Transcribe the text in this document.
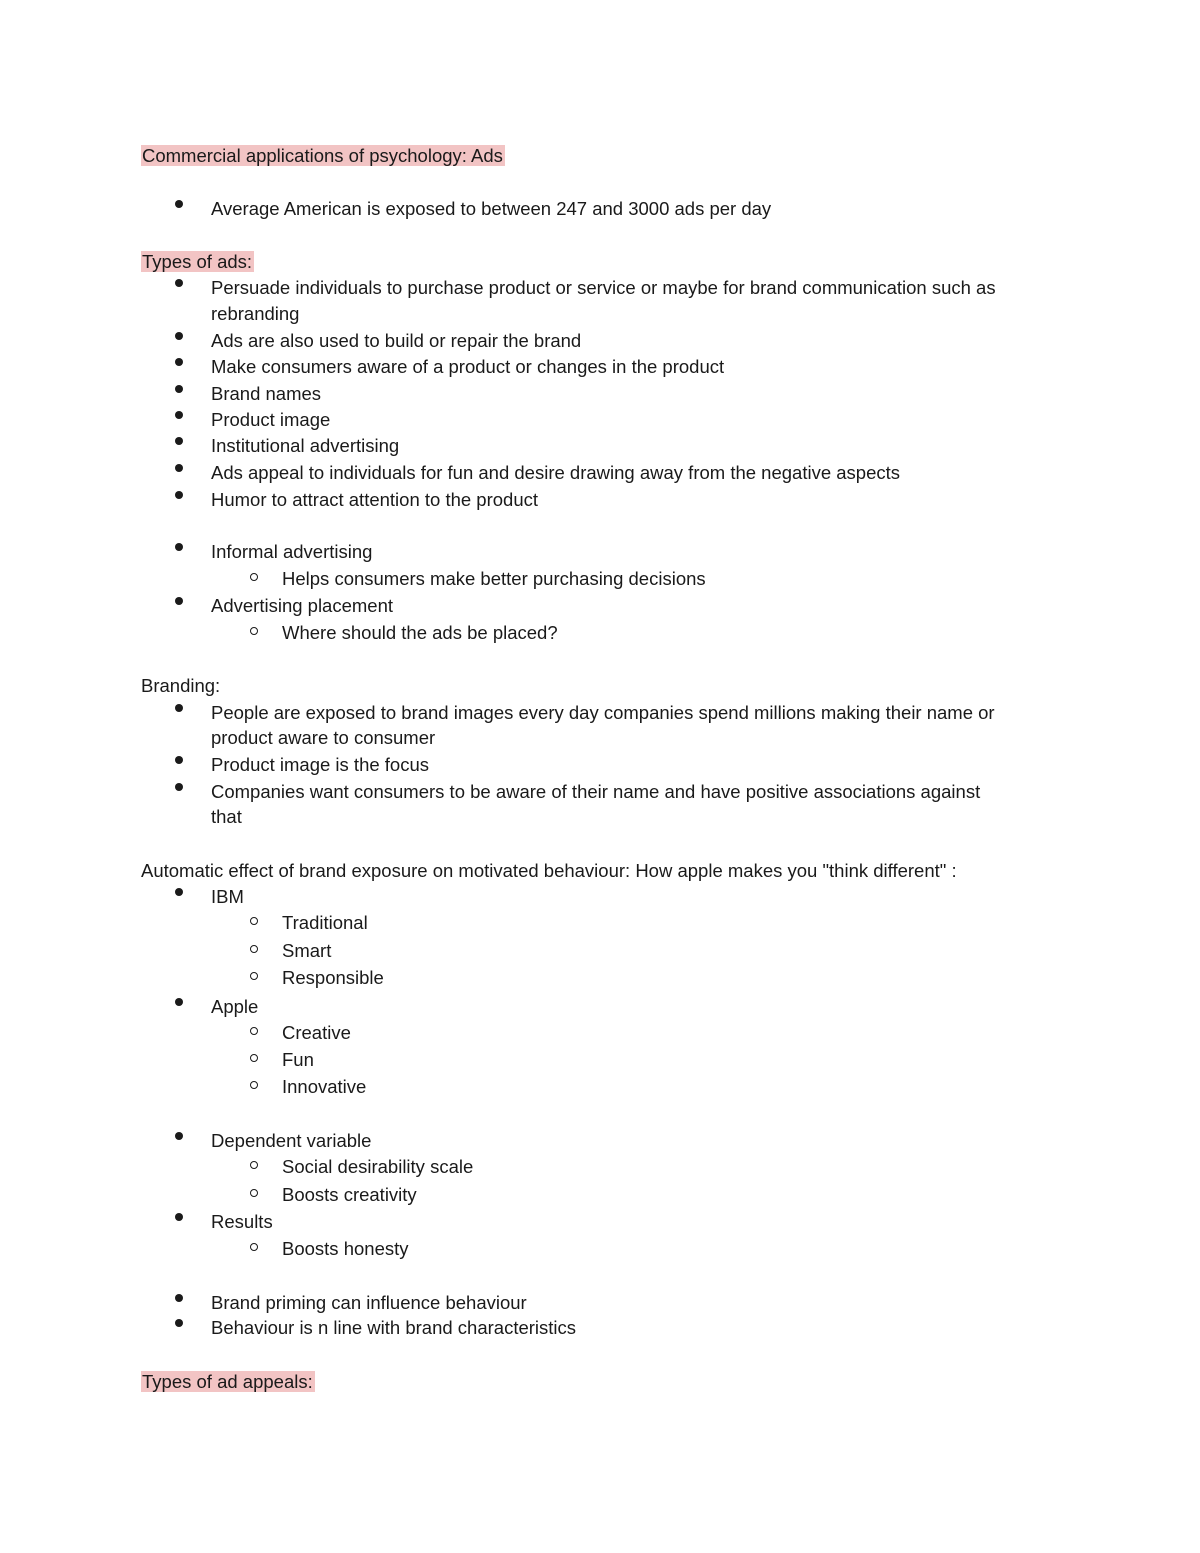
Commercial applications of psychology: Ads
Average American is exposed to between 247 and 3000 ads per day
Types of ads:
Persuade individuals to purchase product or service or maybe for brand communication such as
rebranding
Ads are also used to build or repair the brand
Make consumers aware of a product or changes in the product
Brand names
Product image
Institutional advertising
Ads appeal to individuals for fun and desire drawing away from the negative aspects
Humor to attract attention to the product
Informal advertising
Helps consumers make better purchasing decisions
Advertising placement
Where should the ads be placed?
Branding:
People are exposed to brand images every day companies spend millions making their name or
product aware to consumer
Product image is the focus
Companies want consumers to be aware of their name and have positive associations against
that
Automatic effect of brand exposure on motivated behaviour: How apple makes you "think different" :
IBM
Traditional
Smart
Responsible
Apple
Creative
Fun
Innovative
Dependent variable
Social desirability scale
Boosts creativity
Results
Boosts honesty
Brand priming can influence behaviour
Behaviour is n line with brand characteristics
Types of ad appeals:
